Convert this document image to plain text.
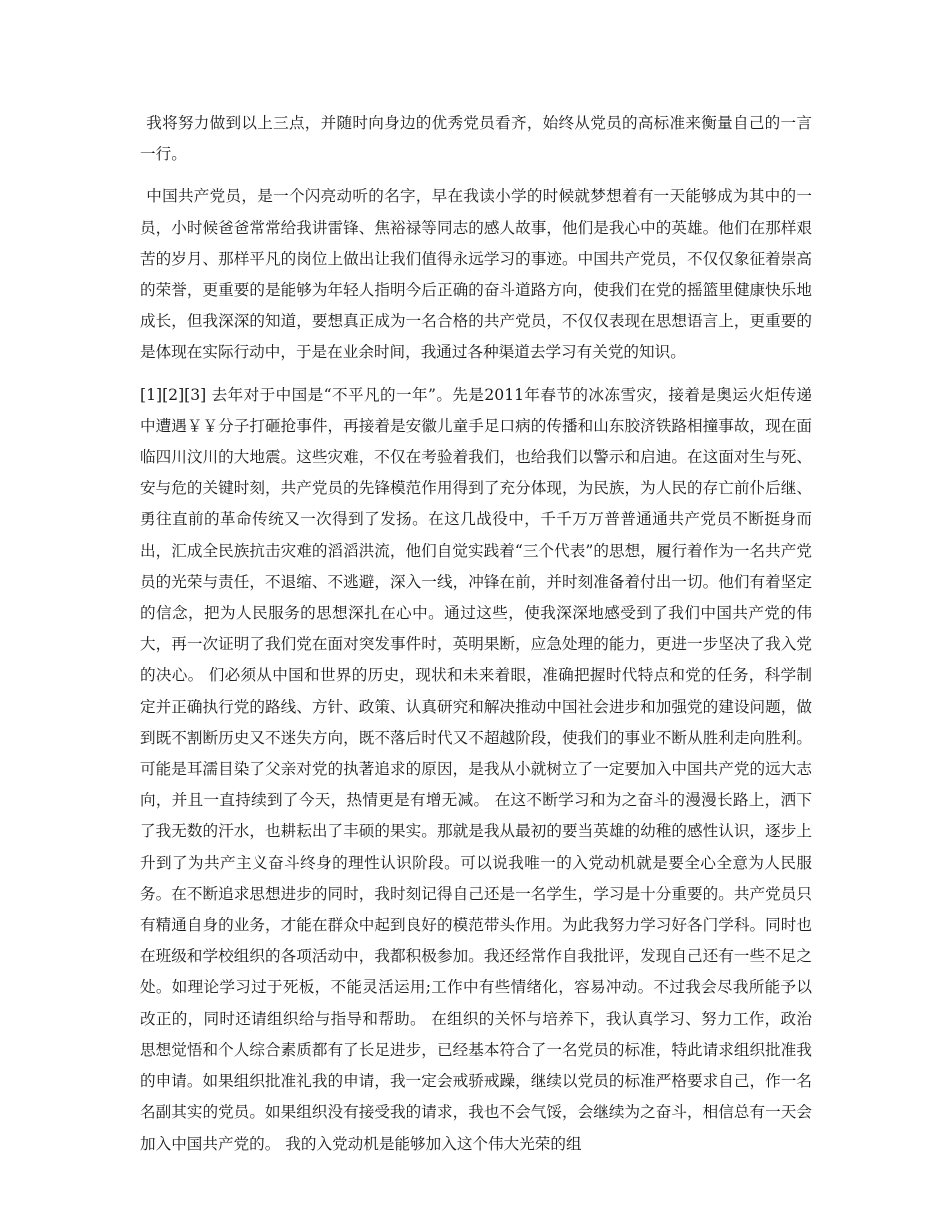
我将努力做到以上三点，并随时向身边的优秀党员看齐，始终从党员的高标准来衡量自己的一言一行。

中国共产党员，是一个闪亮动听的名字，早在我读小学的时候就梦想着有一天能够成为其中的一员，小时候爸爸常常给我讲雷锋、焦裕禄等同志的感人故事，他们是我心中的英雄。他们在那样艰苦的岁月、那样平凡的岗位上做出让我们值得永远学习的事迹。中国共产党员，不仅仅象征着崇高的荣誉，更重要的是能够为年轻人指明今后正确的奋斗道路方向，使我们在党的摇篮里健康快乐地成长，但我深深的知道，要想真正成为一名合格的共产党员，不仅仅表现在思想语言上，更重要的是体现在实际行动中，于是在业余时间，我通过各种渠道去学习有关党的知识。

[1][2][3] 去年对于中国是“不平凡的一年”。先是2011年春节的冰冻雪灾，接着是奥运火炬传递中遭遇￥￥分子打砸抢事件，再接着是安徽儿童手足口病的传播和山东胶济铁路相撞事故，现在面临四川汶川的大地震。这些灾难，不仅在考验着我们，也给我们以警示和启迪。在这面对生与死、安与危的关键时刻，共产党员的先锋模范作用得到了充分体现，为民族，为人民的存亡前仆后继、勇往直前的革命传统又一次得到了发扬。在这几战役中，千千万万普普通通共产党员不断挺身而出，汇成全民族抗击灾难的滔滔洪流，他们自觉实践着“三个代表”的思想，履行着作为一名共产党员的光荣与责任，不退缩、不逃避，深入一线，冲锋在前，并时刻准备着付出一切。他们有着坚定的信念，把为人民服务的思想深扎在心中。通过这些，使我深深地感受到了我们中国共产党的伟大，再一次证明了我们党在面对突发事件时，英明果断，应急处理的能力，更进一步坚决了我入党的决心。 们必须从中国和世界的历史，现状和未来着眼，准确把握时代特点和党的任务，科学制定并正确执行党的路线、方针、政策、认真研究和解决推动中国社会进步和加强党的建设问题，做到既不割断历史又不迷失方向，既不落后时代又不超越阶段，使我们的事业不断从胜利走向胜利。 可能是耳濡目染了父亲对党的执著追求的原因，是我从小就树立了一定要加入中国共产党的远大志向，并且一直持续到了今天，热情更是有增无减。 在这不断学习和为之奋斗的漫漫长路上，洒下了我无数的汗水，也耕耘出了丰硕的果实。那就是我从最初的要当英雄的幼稚的感性认识，逐步上升到了为共产主义奋斗终身的理性认识阶段。可以说我唯一的入党动机就是要全心全意为人民服务。在不断追求思想进步的同时，我时刻记得自己还是一名学生，学习是十分重要的。共产党员只有精通自身的业务，才能在群众中起到良好的模范带头作用。为此我努力学习好各门学科。同时也在班级和学校组织的各项活动中，我都积极参加。我还经常作自我批评，发现自己还有一些不足之处。如理论学习过于死板，不能灵活运用;工作中有些情绪化，容易冲动。不过我会尽我所能予以改正的，同时还请组织给与指导和帮助。 在组织的关怀与培养下，我认真学习、努力工作，政治思想觉悟和个人综合素质都有了长足进步，已经基本符合了一名党员的标准，特此请求组织批准我的申请。如果组织批准礼我的申请，我一定会戒骄戒躁，继续以党员的标准严格要求自己，作一名名副其实的党员。如果组织没有接受我的请求，我也不会气馁，会继续为之奋斗，相信总有一天会加入中国共产党的。 我的入党动机是能够加入这个伟大光荣的组
